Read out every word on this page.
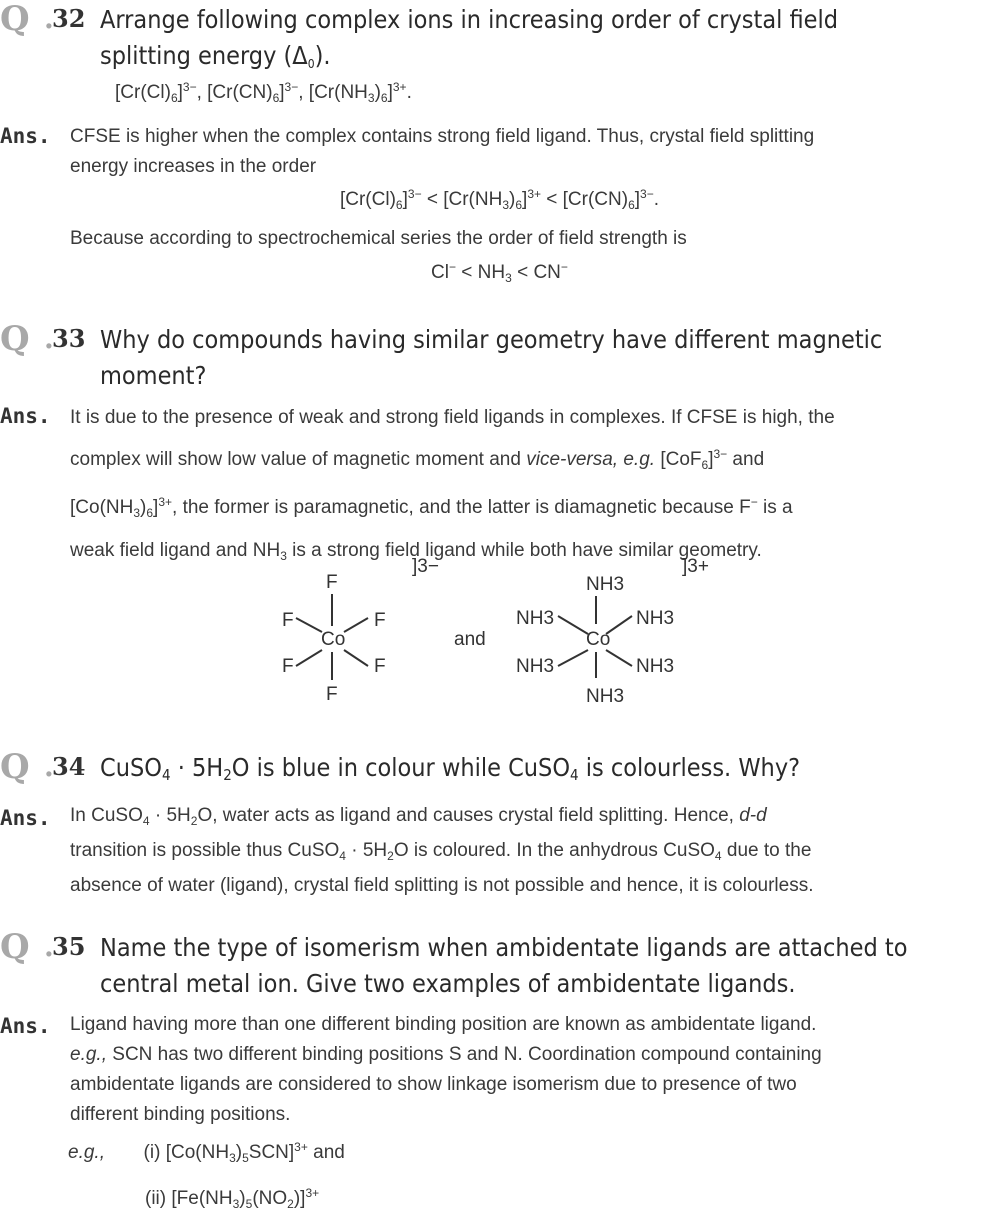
Q .
32 Arrange following complex ions in increasing order of crystal field
splitting energy $(\Delta_0)$.
$[Cr(Cl)_6]^{3-}$, $[Cr(CN)_6]^{3-}$, $[Cr(NH_3)_6]^{3+}$.
Ans. CFSE is higher when the complex contains strong field ligand. Thus, crystal field splitting
energy increases in the order
$[Cr(Cl)_6]^{3-} < [Cr(NH_3)_6]^{3+} < [Cr(CN)_6]^{3-}$.
Because according to spectrochemical series the order of field strength is
$Cl^- < NH_3 < CN^-$
Q .
33 Why do compounds having similar geometry have different magnetic
moment?
Ans. It is due to the presence of weak and strong field ligands in complexes. If CFSE is high, the
complex will show low value of magnetic moment and vice-versa, e.g. $[CoF_6]^{3-}$ and
$[Co(NH_3)_6]^{3+}$, the former is paramagnetic, and the latter is diamagnetic because F− is a
weak field ligand and $NH_3$ is a strong field ligand while both have similar geometry.
]3−
F
F	F
Co
F	F
F
and
]3+
NH3
NH3	NH3
Co
NH3	NH3
NH3
Q .
34 CuSO$_4$ · $5H_2O$ is blue in colour while CuSO$_4$ is colourless. Why?
Ans. In CuSO$_4$ · $5H_2O$, water acts as ligand and causes crystal field splitting. Hence, d-d
transition is possible thus CuSO$_4$ · $5H_2O$ is coloured. In the anhydrous CuSO$_4$ due to the
absence of water (ligand), crystal field splitting is not possible and hence, it is colourless.
Q .
35 Name the type of isomerism when ambidentate ligands are attached to
central metal ion. Give two examples of ambidentate ligands.
Ans. Ligand having more than one different binding position are known as ambidentate ligand.
e.g., SCN has two different binding positions S and N. Coordination compound containing
ambidentate ligands are considered to show linkage isomerism due to presence of two
different binding positions.
e.g., (i) $[Co(NH_3)_5SCN]^{3+}$ and
(ii) $[Fe(NH_3)_5(NO_2)]^{3+}$
